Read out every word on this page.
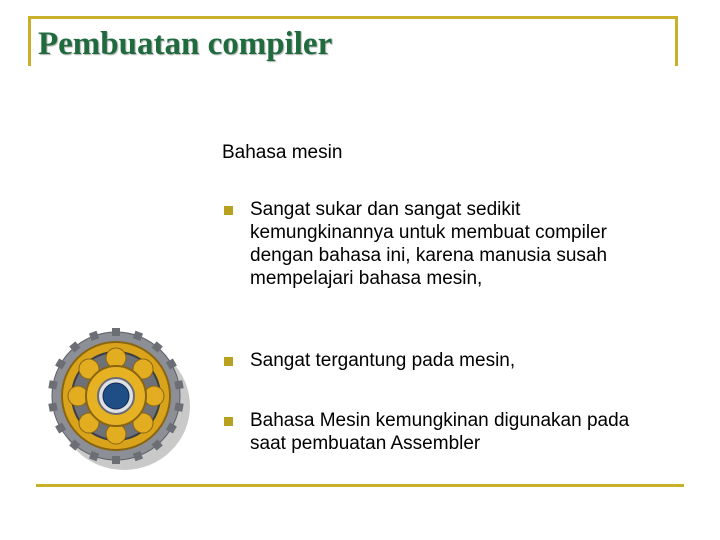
Pembuatan compiler
Bahasa mesin
Sangat sukar dan sangat sedikit kemungkinannya untuk membuat compiler dengan bahasa ini, karena manusia susah mempelajari bahasa mesin,
Sangat tergantung pada mesin,
Bahasa Mesin kemungkinan digunakan pada saat pembuatan Assembler
